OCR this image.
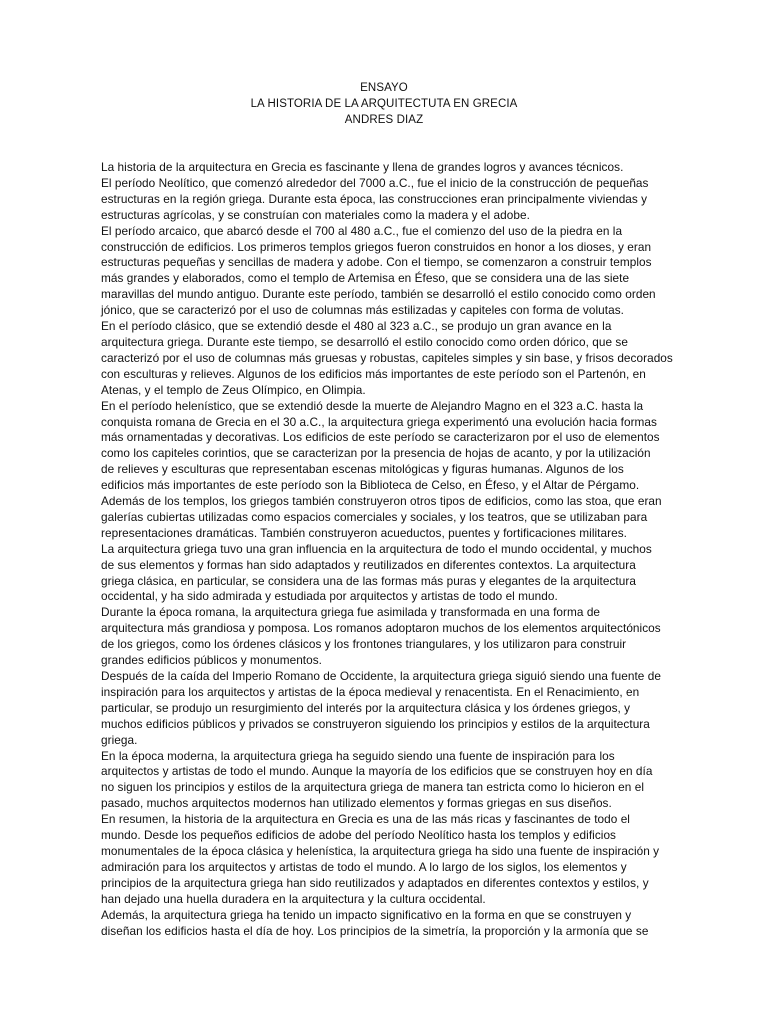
ENSAYO
LA HISTORIA DE LA ARQUITECTUTA EN GRECIA
ANDRES DIAZ
La historia de la arquitectura en Grecia es fascinante y llena de grandes logros y avances técnicos.
El período Neolítico, que comenzó alrededor del 7000 a.C., fue el inicio de la construcción de pequeñas
estructuras en la región griega. Durante esta época, las construcciones eran principalmente viviendas y
estructuras agrícolas, y se construían con materiales como la madera y el adobe.
El período arcaico, que abarcó desde el 700 al 480 a.C., fue el comienzo del uso de la piedra en la
construcción de edificios. Los primeros templos griegos fueron construidos en honor a los dioses, y eran
estructuras pequeñas y sencillas de madera y adobe. Con el tiempo, se comenzaron a construir templos
más grandes y elaborados, como el templo de Artemisa en Éfeso, que se considera una de las siete
maravillas del mundo antiguo. Durante este período, también se desarrolló el estilo conocido como orden
jónico, que se caracterizó por el uso de columnas más estilizadas y capiteles con forma de volutas.
En el período clásico, que se extendió desde el 480 al 323 a.C., se produjo un gran avance en la
arquitectura griega. Durante este tiempo, se desarrolló el estilo conocido como orden dórico, que se
caracterizó por el uso de columnas más gruesas y robustas, capiteles simples y sin base, y frisos decorados
con esculturas y relieves. Algunos de los edificios más importantes de este período son el Partenón, en
Atenas, y el templo de Zeus Olímpico, en Olimpia.
En el período helenístico, que se extendió desde la muerte de Alejandro Magno en el 323 a.C. hasta la
conquista romana de Grecia en el 30 a.C., la arquitectura griega experimentó una evolución hacia formas
más ornamentadas y decorativas. Los edificios de este período se caracterizaron por el uso de elementos
como los capiteles corintios, que se caracterizan por la presencia de hojas de acanto, y por la utilización
de relieves y esculturas que representaban escenas mitológicas y figuras humanas. Algunos de los
edificios más importantes de este período son la Biblioteca de Celso, en Éfeso, y el Altar de Pérgamo.
Además de los templos, los griegos también construyeron otros tipos de edificios, como las stoa, que eran
galerías cubiertas utilizadas como espacios comerciales y sociales, y los teatros, que se utilizaban para
representaciones dramáticas. También construyeron acueductos, puentes y fortificaciones militares.
La arquitectura griega tuvo una gran influencia en la arquitectura de todo el mundo occidental, y muchos
de sus elementos y formas han sido adaptados y reutilizados en diferentes contextos. La arquitectura
griega clásica, en particular, se considera una de las formas más puras y elegantes de la arquitectura
occidental, y ha sido admirada y estudiada por arquitectos y artistas de todo el mundo.
Durante la época romana, la arquitectura griega fue asimilada y transformada en una forma de
arquitectura más grandiosa y pomposa. Los romanos adoptaron muchos de los elementos arquitectónicos
de los griegos, como los órdenes clásicos y los frontones triangulares, y los utilizaron para construir
grandes edificios públicos y monumentos.
Después de la caída del Imperio Romano de Occidente, la arquitectura griega siguió siendo una fuente de
inspiración para los arquitectos y artistas de la época medieval y renacentista. En el Renacimiento, en
particular, se produjo un resurgimiento del interés por la arquitectura clásica y los órdenes griegos, y
muchos edificios públicos y privados se construyeron siguiendo los principios y estilos de la arquitectura
griega.
En la época moderna, la arquitectura griega ha seguido siendo una fuente de inspiración para los
arquitectos y artistas de todo el mundo. Aunque la mayoría de los edificios que se construyen hoy en día
no siguen los principios y estilos de la arquitectura griega de manera tan estricta como lo hicieron en el
pasado, muchos arquitectos modernos han utilizado elementos y formas griegas en sus diseños.
En resumen, la historia de la arquitectura en Grecia es una de las más ricas y fascinantes de todo el
mundo. Desde los pequeños edificios de adobe del período Neolítico hasta los templos y edificios
monumentales de la época clásica y helenística, la arquitectura griega ha sido una fuente de inspiración y
admiración para los arquitectos y artistas de todo el mundo. A lo largo de los siglos, los elementos y
principios de la arquitectura griega han sido reutilizados y adaptados en diferentes contextos y estilos, y
han dejado una huella duradera en la arquitectura y la cultura occidental.
Además, la arquitectura griega ha tenido un impacto significativo en la forma en que se construyen y
diseñan los edificios hasta el día de hoy. Los principios de la simetría, la proporción y la armonía que se
